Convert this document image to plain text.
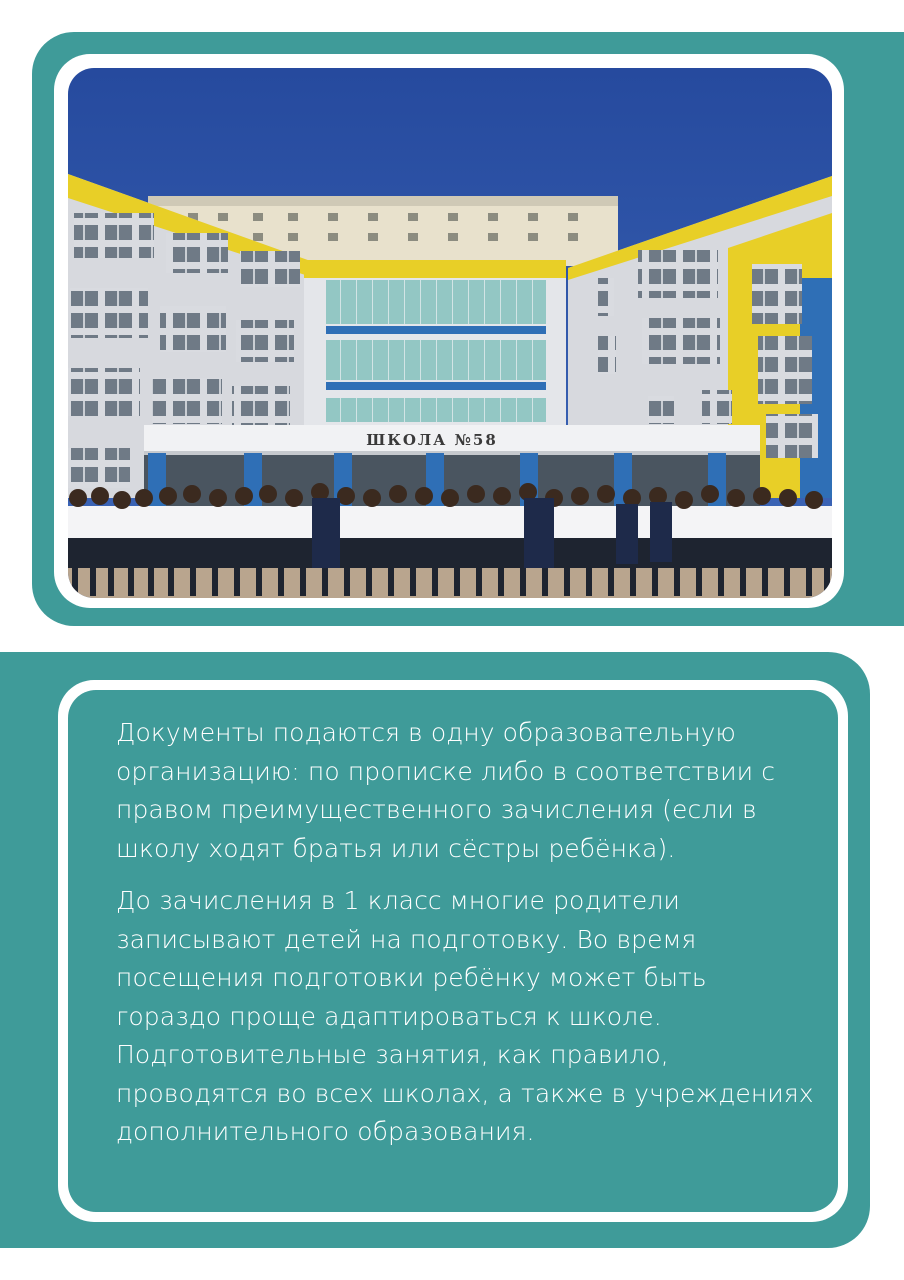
ШКОЛА №58

Документы подаются в одну образовательную организацию: по прописке либо в соответствии с правом преимущественного зачисления (если в школу ходят братья или сёстры ребёнка).

До зачисления в 1 класс многие родители записывают детей на подготовку. Во время посещения подготовки ребёнку может быть гораздо проще адаптироваться к школе. Подготовительные занятия, как правило, проводятся во всех школах, а также в учреждениях дополнительного образования.
